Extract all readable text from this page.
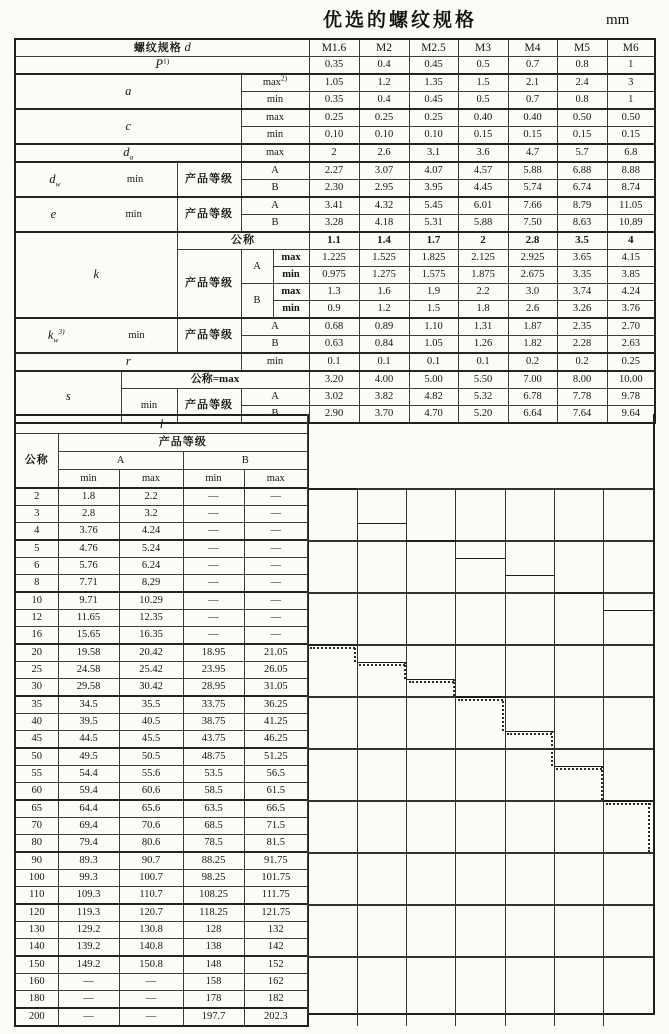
优选的螺纹规格	mm
螺纹规格 d					M1.6	M2	M2.5	M3	M4	M5	M6
$P^{1)}$					0.35	0.4	0.45	0.5	0.7	0.8	1
a			$\max^{2)}$		1.05	1.2	1.35	1.5	2.1	2.4	3
			min		0.35	0.4	0.45	0.5	0.7	0.8	1
c			max		0.25	0.25	0.25	0.40	0.40	0.50	0.50
			min		0.10	0.10	0.10	0.15	0.15	0.15	0.15
$d_a$			max		2	2.6	3.1	3.6	4.7	5.7	6.8

$d_w$ min		产品等级	A		2.27	3.07	4.07	4.57	5.88	6.88	8.88
			B		2.30	2.95	3.95	4.45	5.74	6.74	8.74

e min		产品等级	A		3.41	4.32	5.45	6.01	7.66	8.79	11.05
			B		3.28	4.18	5.31	5.88	7.50	8.63	10.89
k		公称			1.1	1.4	1.7	2	2.8	3.5	4
		产品等级	A	max	1.225	1.525	1.825	2.125	2.925	3.65	4.15
				min	0.975	1.275	1.575	1.875	2.675	3.35	3.85
			B	max	1.3	1.6	1.9	2.2	3.0	3.74	4.24
				min	0.9	1.2	1.5	1.8	2.6	3.26	3.76

$k_w^{3)}$ min		产品等级	A		0.68	0.89	1.10	1.31	1.87	2.35	2.70
			B		0.63	0.84	1.05	1.26	1.82	2.28	2.63
r			min		0.1	0.1	0.1	0.1	0.2	0.2	0.25
s	公称=max				3.20	4.00	5.00	5.50	7.00	8.00	10.00
	min	产品等级	A		3.02	3.82	4.82	5.32	6.78	7.78	9.78
			B		2.90	3.70	4.70	5.20	6.64	7.64	9.64
l				
公称	产品等级			
	A		B	
	min	max	min	max
2	1.8	2.2	—	—
3	2.8	3.2	—	—
4	3.76	4.24	—	—
5	4.76	5.24	—	—
6	5.76	6.24	—	—
8	7.71	8.29	—	—
10	9.71	10.29	—	—
12	11.65	12.35	—	—
16	15.65	16.35	—	—
20	19.58	20.42	18.95	21.05
25	24.58	25.42	23.95	26.05
30	29.58	30.42	28.95	31.05
35	34.5	35.5	33.75	36.25
40	39.5	40.5	38.75	41.25
45	44.5	45.5	43.75	46.25
50	49.5	50.5	48.75	51.25
55	54.4	55.6	53.5	56.5
60	59.4	60.6	58.5	61.5
65	64.4	65.6	63.5	66.5
70	69.4	70.6	68.5	71.5
80	79.4	80.6	78.5	81.5
90	89.3	90.7	88.25	91.75
100	99.3	100.7	98.25	101.75
110	109.3	110.7	108.25	111.75
120	119.3	120.7	118.25	121.75
130	129.2	130.8	128	132
140	139.2	140.8	138	142
150	149.2	150.8	148	152
160	—	—	158	162
180	—	—	178	182
200	—	—	197.7	202.3
